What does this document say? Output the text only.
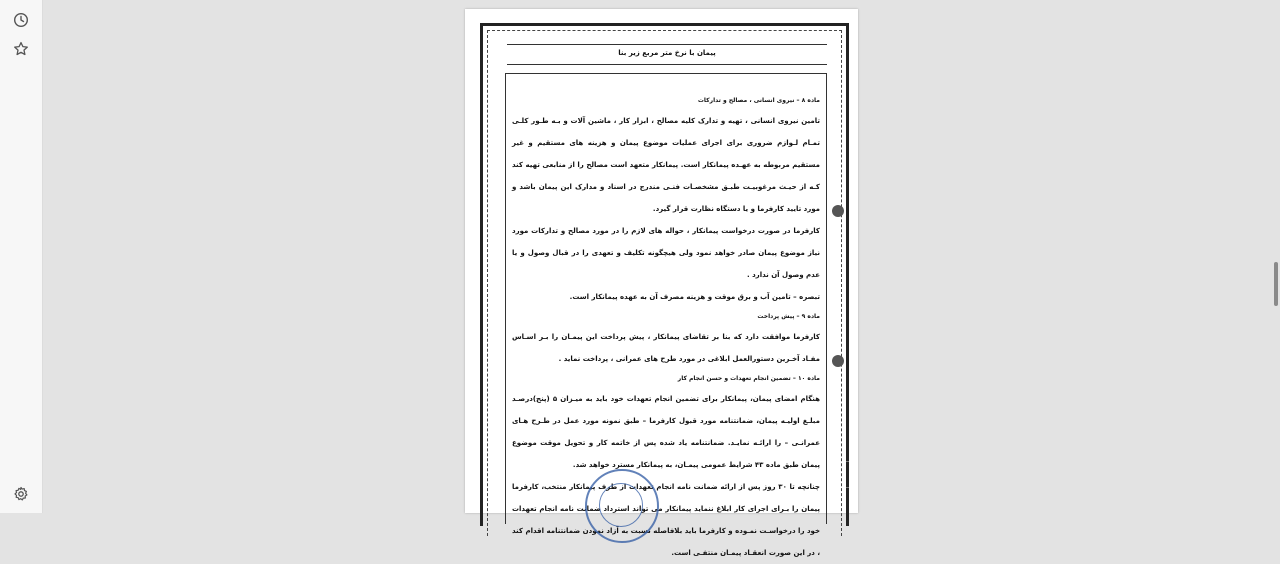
پیمان با نرخ متر مربع زیر بنا

ماده ۸ – نیروی انسانی ، مصالح و تدارکات

تامین نیروی انسانی ، تهیه و تدارک کلیه مصالح ، ابزار کار ، ماشین آلات و بـه طـور کلـی تمـام لـوازم ضروری برای اجرای عملیات موضوع پیمان و هزینه های مستقیم و غیر مستقیم مربوطه به عهـده پیمانکار است. پیمانکار متعهد است مصالح را از منابعی تهیه کند کـه از حیـث مرغوبیـت طبـق مشخصـات فنـی مندرج در اسناد و مدارک این پیمان باشد و مورد تایید کارفرما و یا دستگاه نظارت قرار گیرد.

کارفرما در صورت درخواست پیمانکار ، حواله های لازم را در مورد مصالح و تدارکات مورد نیاز موضوع پیمان صادر خواهد نمود ولی هیچگونه تکلیف و تعهدی را در قبال وصول و یا عدم وصول آن ندارد .

تبصره – تامین آب و برق موقت و هزینه مصرف آن به عهده پیمانکار است.

ماده ۹ – پیش پرداخت

کارفرما موافقت دارد که بنا بر تقاضای پیمانکار ، پیش پرداخت این پیمـان را بـر اسـاس مفـاد آخـرین دستورالعمل ابلاغی در مورد طرح های عمرانی ، پرداخت نماید .

ماده ۱۰ – تضمین انجام تعهدات و حسن انجام کار

هنگام امضای پیمان، پیمانکار برای تضمین انجام تعهدات خود باید به میـزان ۵ (پنج)درصـد مبلـغ اولیـه پیمان، ضمانتنامه مورد قبول کارفرما – طبق نمونه مورد عمل در طـرح هـای عمرانـی – را ارائـه نمایـد. ضمانتنامه یاد شده پس از خاتمه کار و تحویل موقت موضوع پیمان طبق ماده ۴۳ شرایط عمومی پیمـان، به پیمانکار مسترد خواهد شد.

چنانچه تا ۳۰ روز پس از ارائه ضمانت نامه انجام تعهدات از طرف پیمانکار منتخب، کارفرما پیمان را بـرای اجرای کار ابلاغ ننماید پیمانکار می تواند استرداد ضمانت نامه انجام تعهدات خود را درخواسـت نمـوده و کارفرما باید بلافاصله نسبت به آزاد نمودن ضمانتنامه اقدام کند ، در این صورت انعقـاد پیمـان منتفـی است.
